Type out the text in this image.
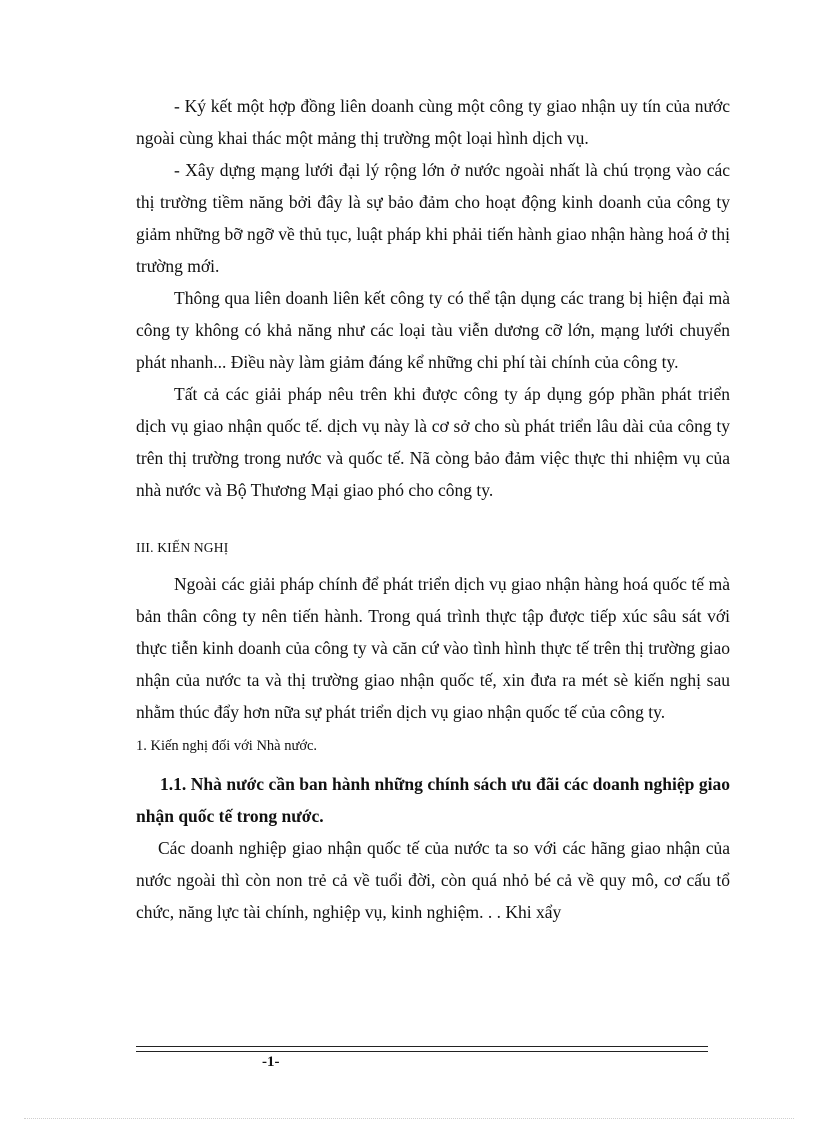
- Ký kết một hợp đồng liên doanh cùng một công ty giao nhận uy tín của nước ngoài cùng khai thác một mảng thị trường một loại hình dịch vụ.

- Xây dựng mạng lưới đại lý rộng lớn ở nước ngoài nhất là chú trọng vào các thị trường tiềm năng bởi đây là sự bảo đảm cho hoạt động kinh doanh của công ty giảm những bỡ ngỡ về thủ tục, luật pháp khi phải tiến hành giao nhận hàng hoá ở thị trường mới.

Thông qua liên doanh liên kết công ty có thể tận dụng các trang bị hiện đại mà công ty không có khả năng như các loại tàu viễn dương cỡ lớn, mạng lưới chuyển phát nhanh... Điều này làm giảm đáng kể những chi phí tài chính của công ty.

Tất cả các giải pháp nêu trên khi được công ty áp dụng góp phần phát triển dịch vụ giao nhận quốc tế. dịch vụ này là cơ sở cho sù phát triển lâu dài của công ty trên thị trường trong nước và quốc tế. Nã còng bảo đảm việc thực thi nhiệm vụ của nhà nước và Bộ Thương Mại giao phó cho công ty.

III. KIẾN NGHỊ

Ngoài các giải pháp chính để phát triển dịch vụ giao nhận hàng hoá quốc tế mà bản thân công ty nên tiến hành. Trong quá trình thực tập được tiếp xúc sâu sát với thực tiễn kinh doanh của công ty và căn cứ vào tình hình thực tế trên thị trường giao nhận của nước ta và thị trường giao nhận quốc tế, xin đưa ra mét sè kiến nghị sau nhằm thúc đẩy hơn nữa sự phát triển dịch vụ giao nhận quốc tế của công ty.

1. Kiến nghị đối với Nhà nước.

1.1. Nhà nước cần ban hành những chính sách ưu đãi các doanh nghiệp giao nhận quốc tế trong nước.

Các doanh nghiệp giao nhận quốc tế của nước ta so với các hãng giao nhận của nước ngoài thì còn non trẻ cả về tuổi đời, còn quá nhỏ bé cả về quy mô, cơ cấu tổ chức, năng lực tài chính, nghiệp vụ, kinh nghiệm. . . Khi xẩy

-1-
